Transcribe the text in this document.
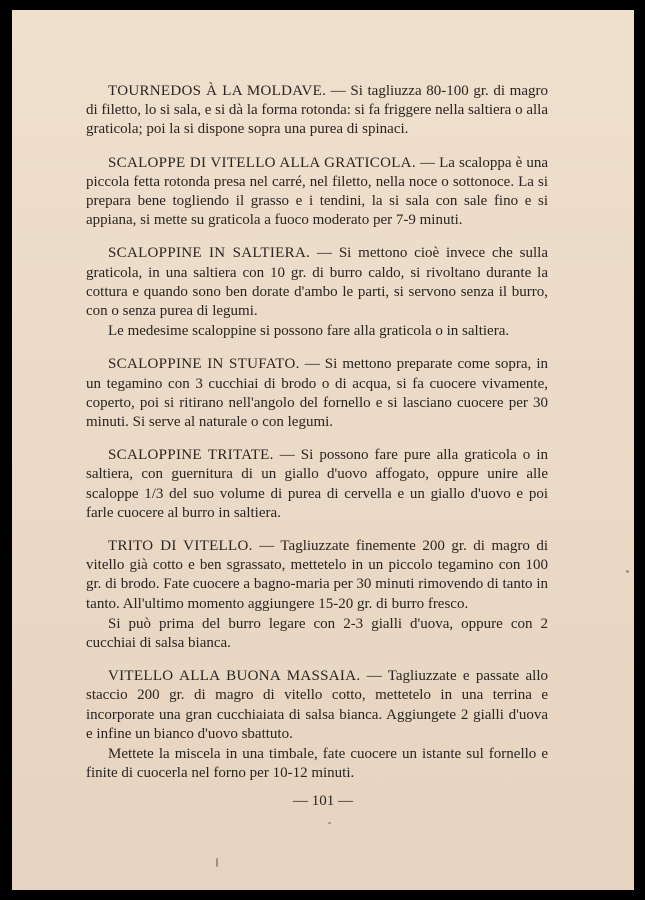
TOURNEDOS À LA MOLDAVE. — Si tagliuzza 80-100 gr. di magro di filetto, lo si sala, e si dà la forma rotonda: si fa friggere nella saltiera o alla graticola; poi la si dispone sopra una purea di spinaci.

SCALOPPE DI VITELLO ALLA GRATICOLA. — La scaloppa è una piccola fetta rotonda presa nel carré, nel filetto, nella noce o sottonoce. La si prepara bene togliendo il grasso e i tendini, la si sala con sale fino e si appiana, si mette su graticola a fuoco moderato per 7-9 minuti.

SCALOPPINE IN SALTIERA. — Si mettono cioè invece che sulla graticola, in una saltiera con 10 gr. di burro caldo, si rivoltano durante la cottura e quando sono ben dorate d'ambo le parti, si servono senza il burro, con o senza purea di legumi.

Le medesime scaloppine si possono fare alla graticola o in saltiera.

SCALOPPINE IN STUFATO. — Si mettono preparate come sopra, in un tegamino con 3 cucchiai di brodo o di acqua, si fa cuocere vivamente, coperto, poi si ritirano nell'angolo del fornello e si lasciano cuocere per 30 minuti. Si serve al naturale o con legumi.

SCALOPPINE TRITATE. — Si possono fare pure alla graticola o in saltiera, con guernitura di un giallo d'uovo affogato, oppure unire alle scaloppe 1/3 del suo volume di purea di cervella e un giallo d'uovo e poi farle cuocere al burro in saltiera.

TRITO DI VITELLO. — Tagliuzzate finemente 200 gr. di magro di vitello già cotto e ben sgrassato, mettetelo in un piccolo tegamino con 100 gr. di brodo. Fate cuocere a bagno-maria per 30 minuti rimovendo di tanto in tanto. All'ultimo momento aggiungere 15-20 gr. di burro fresco.

Si può prima del burro legare con 2-3 gialli d'uova, oppure con 2 cucchiai di salsa bianca.

VITELLO ALLA BUONA MASSAIA. — Tagliuzzate e passate allo staccio 200 gr. di magro di vitello cotto, mettetelo in una terrina e incorporate una gran cucchiaiata di salsa bianca. Aggiungete 2 gialli d'uova e infine un bianco d'uovo sbattuto.

Mettete la miscela in una timbale, fate cuocere un istante sul fornello e finite di cuocerla nel forno per 10-12 minuti.

— 101 —
